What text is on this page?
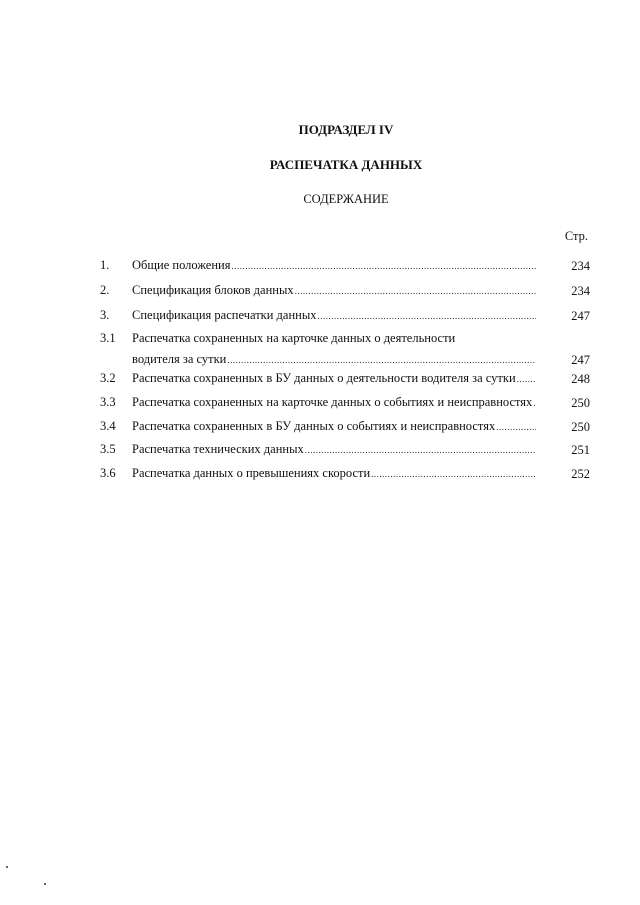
ПОДРАЗДЕЛ IV
РАСПЕЧАТКА ДАННЫХ
СОДЕРЖАНИЕ
Стр.
1.	Общие положения .....	234
2.	Спецификация блоков данных .....	234
3.	Спецификация распечатки данных .....	247
3.1	Распечатка сохраненных на карточке данных о деятельности
водителя за сутки .....	247
3.2	Распечатка сохраненных в БУ данных о деятельности водителя за сутки .....	248
3.3	Распечатка сохраненных на карточке данных о событиях и неисправностях .....	250
3.4	Распечатка сохраненных в БУ данных о событиях и неисправностях .....	250
3.5	Распечатка технических данных .....	251
3.6	Распечатка данных о превышениях скорости .....	252
